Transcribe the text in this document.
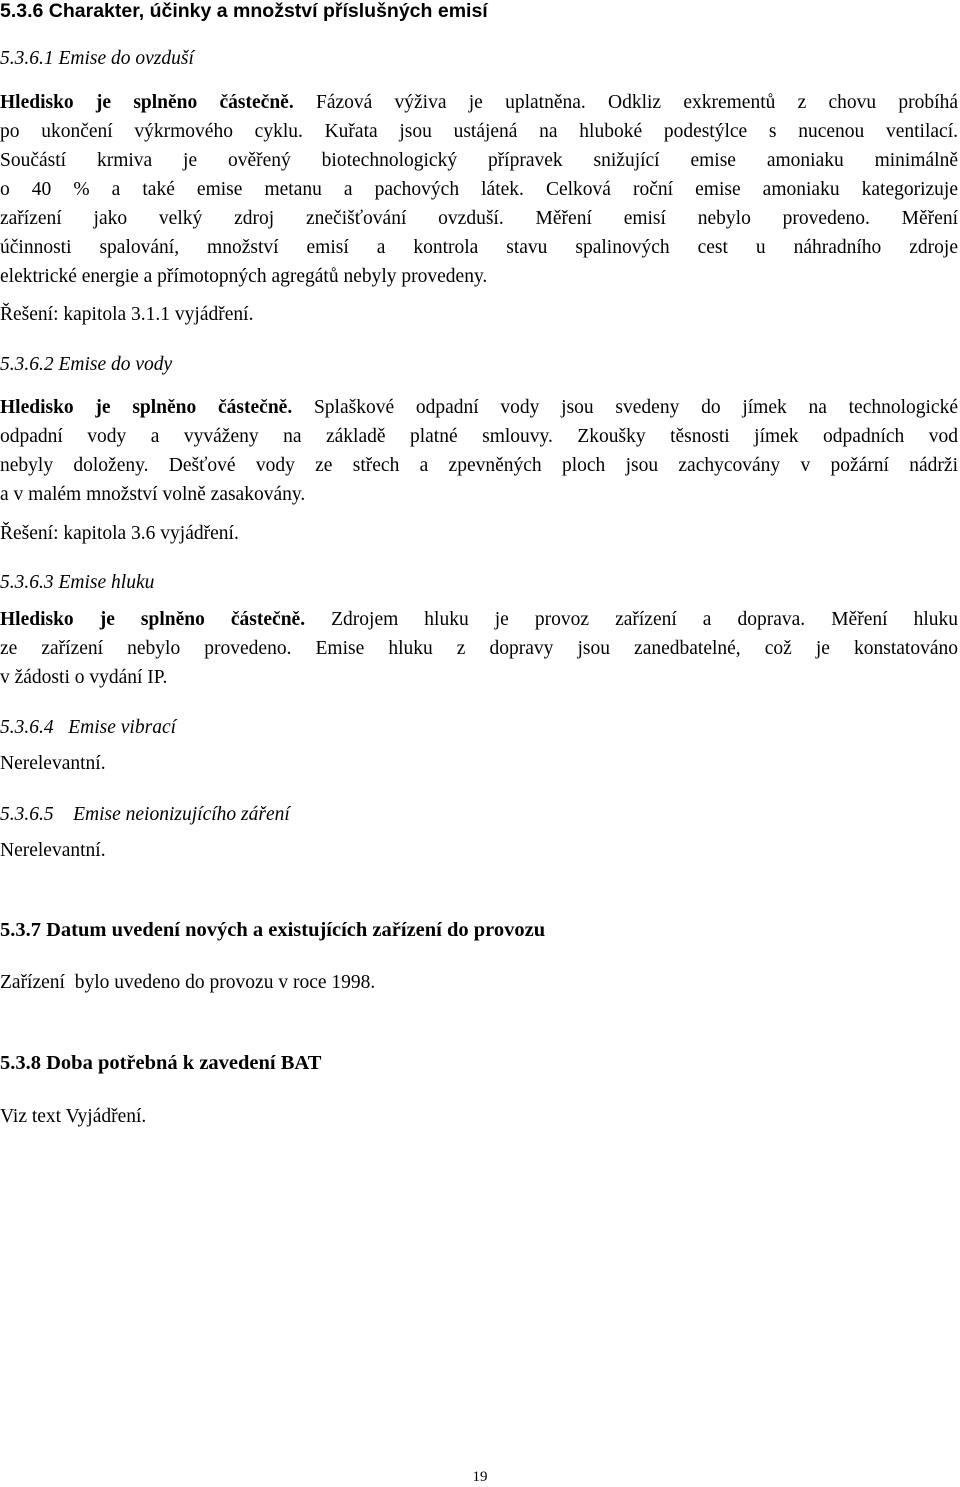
5.3.6 Charakter, účinky a množství příslušných emisí
5.3.6.1 Emise do ovzduší
Hledisko je splněno částečně. Fázová výživa je uplatněna. Odkliz exkrementů z chovu probíhá
po ukončení výkrmového cyklu. Kuřata jsou ustájená na hluboké podestýlce s nucenou ventilací.
Součástí krmiva je ověřený biotechnologický přípravek snižující emise amoniaku minimálně
o 40 % a také emise metanu a pachových látek. Celková roční emise amoniaku kategorizuje
zařízení jako velký zdroj znečišťování ovzduší. Měření emisí nebylo provedeno. Měření
účinnosti spalování, množství emisí a kontrola stavu spalinových cest u náhradního zdroje
elektrické energie a přímotopných agregátů nebyly provedeny.
Řešení: kapitola 3.1.1 vyjádření.
5.3.6.2 Emise do vody
Hledisko je splněno částečně. Splaškové odpadní vody jsou svedeny do jímek na technologické
odpadní vody a vyváženy na základě platné smlouvy. Zkoušky těsnosti jímek odpadních vod
nebyly doloženy. Dešťové vody ze střech a zpevněných ploch jsou zachycovány v požární nádrži
a v malém množství volně zasakovány.
Řešení: kapitola 3.6 vyjádření.
5.3.6.3 Emise hluku
Hledisko je splněno částečně. Zdrojem hluku je provoz zařízení a doprava. Měření hluku
ze zařízení nebylo provedeno. Emise hluku z dopravy jsou zanedbatelné, což je konstatováno
v žádosti o vydání IP.
5.3.6.4   Emise vibrací
Nerelevantní.
5.3.6.5    Emise neionizujícího záření
Nerelevantní.
5.3.7 Datum uvedení nových a existujících zařízení do provozu
Zařízení  bylo uvedeno do provozu v roce 1998.
5.3.8 Doba potřebná k zavedení BAT
Viz text Vyjádření.
19
